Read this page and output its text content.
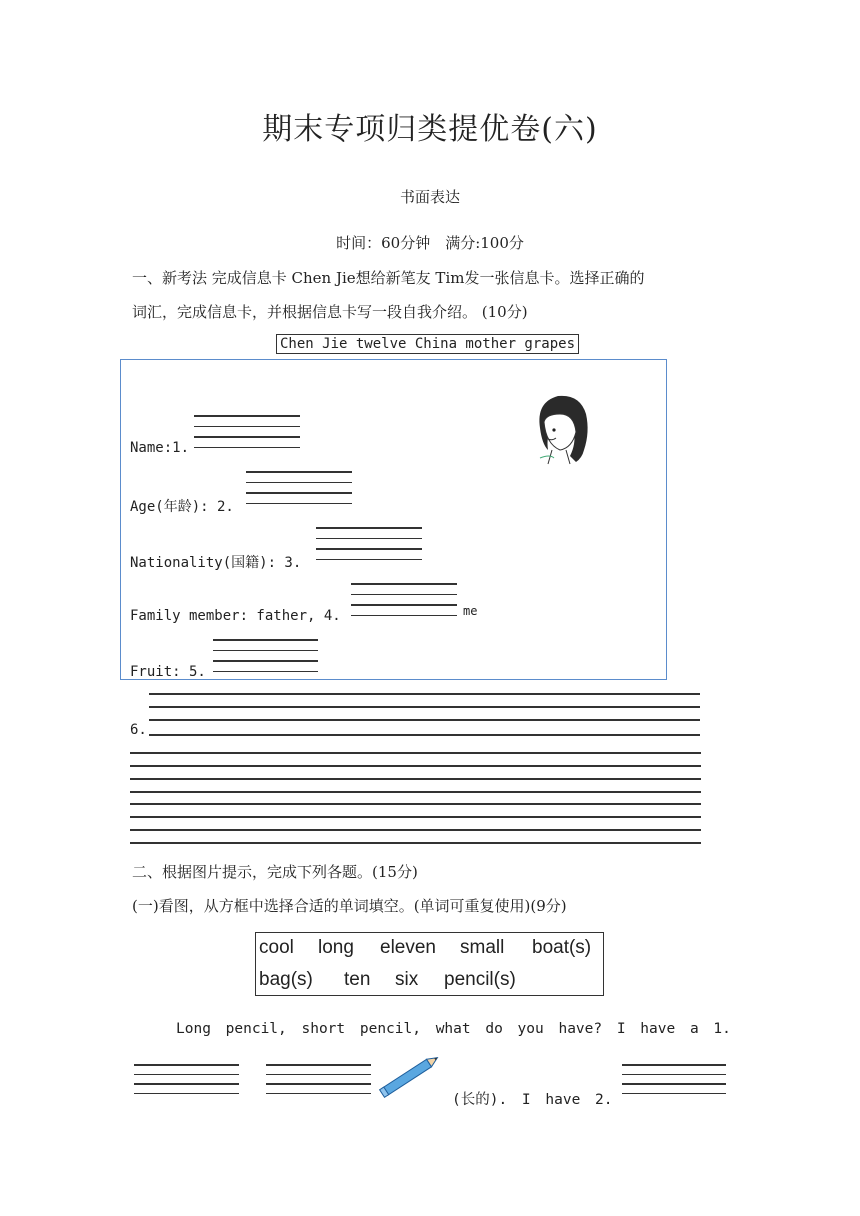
期末专项归类提优卷(六)
书面表达
时间：60分钟　满分:100分
一、新考法 完成信息卡 Chen Jie想给新笔友 Tim发一张信息卡。选择正确的
词汇，完成信息卡，并根据信息卡写一段自我介绍。 (10分)
Chen Jie twelve China mother grapes
Name:1.
Age(年龄): 2.
Nationality(国籍): 3.
Family member: father, 4.	me
Fruit: 5.
6.
二、根据图片提示，完成下列各题。(15分)
(一)看图，从方框中选择合适的单词填空。(单词可重复使用)(9分)
cool long eleven small boat(s)
bag(s) ten six pencil(s)
Long pencil, short pencil, what do you have? I have a 1.
(长的). I have 2.
